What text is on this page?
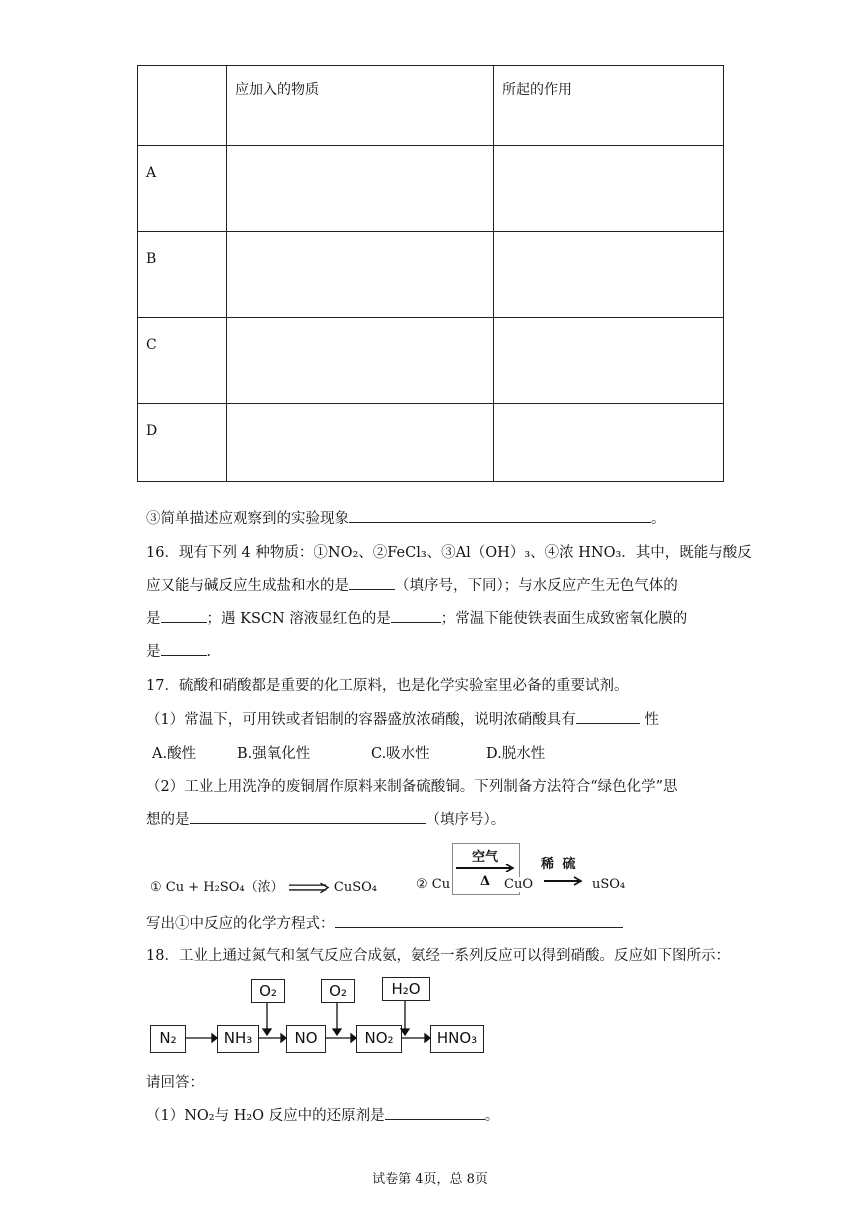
	应加入的物质	所起的作用
A		
B		
C		
D		
③简单描述应观察到的实验现象	。
16．现有下列 4 种物质：①NO₂、②FeCl₃、③Al（OH）₃、④浓 HNO₃．其中，既能与酸反
应又能与碱反应生成盐和水的是	（填序号，下同）；与水反应产生无色气体的
是	；遇 KSCN 溶液显红色的是	；常温下能使铁表面生成致密氧化膜的
是	．
17．硫酸和硝酸都是重要的化工原料，也是化学实验室里必备的重要试剂。
（1）常温下，可用铁或者铝制的容器盛放浓硝酸，说明浓硝酸具有	性
A.酸性	B.强氧化性	C.吸水性	D.脱水性
（2）工业上用洗净的废铜屑作原料来制备硫酸铜。下列制备方法符合“绿色化学”思
想的是	（填序号）。
① Cu + H₂SO₄（浓）	CuSO₄	② Cu
空气
Δ	CuO
稀 硫
uSO₄
写出①中反应的化学方程式：
18．工业上通过氮气和氢气反应合成氨，氨经一系列反应可以得到硝酸。反应如下图所示：
N₂	NH₃	NO	NO₂	HNO₃
O₂	O₂	H₂O
请回答：
（1）NO₂与 H₂O 反应中的还原剂是	。
试卷第 4页，总 8页
